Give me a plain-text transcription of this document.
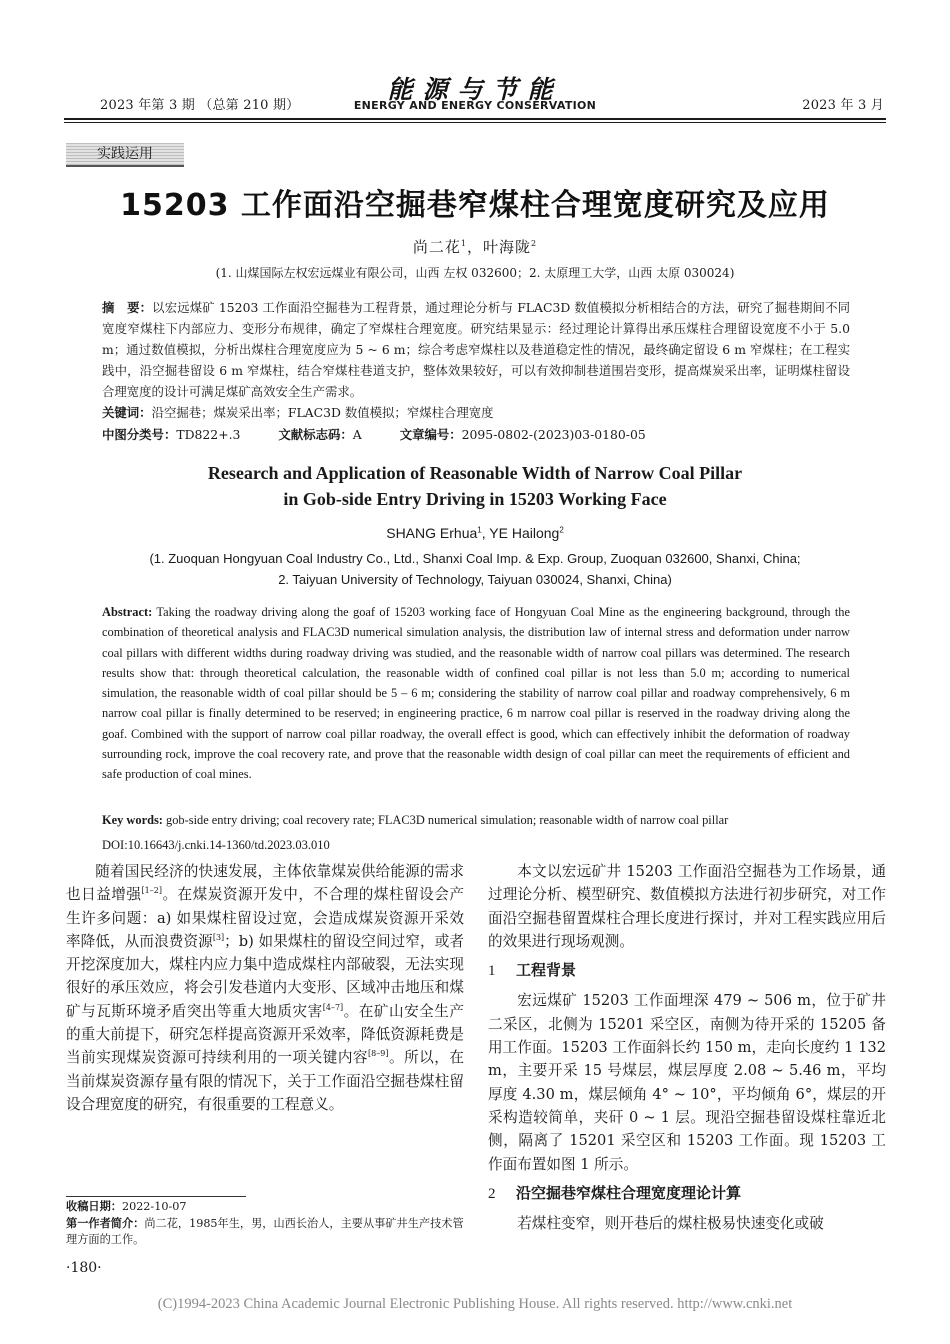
2023 年第 3 期 （总第 210 期）
能源与节能
ENERGY AND ENERGY CONSERVATION	2023 年 3 月
实践运用
15203 工作面沿空掘巷窄煤柱合理宽度研究及应用
尚二花$^1$，叶海陇$^2$
(1. 山煤国际左权宏远煤业有限公司，山西 左权 032600；2. 太原理工大学，山西 太原 030024)
摘　要：以宏远煤矿 15203 工作面沿空掘巷为工程背景，通过理论分析与 FLAC3D 数值模拟分析相结合的方法，研究了掘巷期间不同宽度窄煤柱下内部应力、变形分布规律，确定了窄煤柱合理宽度。研究结果显示：经过理论计算得出承压煤柱合理留设宽度不小于 5.0 m；通过数值模拟，分析出煤柱合理宽度应为 5 ~ 6 m；综合考虑窄煤柱以及巷道稳定性的情况，最终确定留设 6 m 窄煤柱；在工程实践中，沿空掘巷留设 6 m 窄煤柱，结合窄煤柱巷道支护，整体效果较好，可以有效抑制巷道围岩变形，提高煤炭采出率，证明煤柱留设合理宽度的设计可满足煤矿高效安全生产需求。
关键词：沿空掘巷；煤炭采出率；FLAC3D 数值模拟；窄煤柱合理宽度
中图分类号：TD822+.3	文献标志码：A	文章编号：2095-0802-(2023)03-0180-05
Research and Application of Reasonable Width of Narrow Coal Pillar
in Gob-side Entry Driving in 15203 Working Face
SHANG Erhua$^1$, YE Hailong$^2$
(1. Zuoquan Hongyuan Coal Industry Co., Ltd., Shanxi Coal Imp. & Exp. Group, Zuoquan 032600, Shanxi, China;
2. Taiyuan University of Technology, Taiyuan 030024, Shanxi, China)
Abstract: Taking the roadway driving along the goaf of 15203 working face of Hongyuan Coal Mine as the engineering background, through the combination of theoretical analysis and FLAC3D numerical simulation analysis, the distribution law of internal stress and deformation under narrow coal pillars with different widths during roadway driving was studied, and the reasonable width of narrow coal pillars was determined. The research results show that: through theoretical calculation, the reasonable width of confined coal pillar is not less than 5.0 m; according to numerical simulation, the reasonable width of coal pillar should be 5 – 6 m; considering the stability of narrow coal pillar and roadway comprehensively, 6 m narrow coal pillar is finally determined to be reserved; in engineering practice, 6 m narrow coal pillar is reserved in the roadway driving along the goaf. Combined with the support of narrow coal pillar roadway, the overall effect is good, which can effectively inhibit the deformation of roadway surrounding rock, improve the coal recovery rate, and prove that the reasonable width design of coal pillar can meet the requirements of efficient and safe production of coal mines.
Key words: gob-side entry driving; coal recovery rate; FLAC3D numerical simulation; reasonable width of narrow coal pillar
DOI:10.16643/j.cnki.14-1360/td.2023.03.010

随着国民经济的快速发展，主体依靠煤炭供给能源的需求也日益增强[1–2]。在煤炭资源开发中，不合理的煤柱留设会产生许多问题：a) 如果煤柱留设过宽，会造成煤炭资源开采效率降低，从而浪费资源[3]；b) 如果煤柱的留设空间过窄，或者开挖深度加大，煤柱内应力集中造成煤柱内部破裂，无法实现很好的承压效应，将会引发巷道内大变形、区域冲击地压和煤矿与瓦斯环境矛盾突出等重大地质灾害[4–7]。在矿山安全生产的重大前提下，研究怎样提高资源开采效率，降低资源耗费是当前实现煤炭资源可持续利用的一项关键内容[8–9]。所以，在当前煤炭资源存量有限的情况下，关于工作面沿空掘巷煤柱留设合理宽度的研究，有很重要的工程意义。

本文以宏远矿井 15203 工作面沿空掘巷为工作场景，通过理论分析、模型研究、数值模拟方法进行初步研究，对工作面沿空掘巷留置煤柱合理长度进行探讨，并对工程实践应用后的效果进行现场观测。

1 工程背景

宏远煤矿 15203 工作面埋深 479 ~ 506 m，位于矿井二采区，北侧为 15201 采空区，南侧为待开采的 15205 备用工作面。15203 工作面斜长约 150 m，走向长度约 1 132 m，主要开采 15 号煤层，煤层厚度 2.08 ~ 5.46 m，平均厚度 4.30 m，煤层倾角 4° ~ 10°，平均倾角 6°，煤层的开采构造较简单，夹矸 0 ~ 1 层。现沿空掘巷留设煤柱靠近北侧，隔离了 15201 采空区和 15203 工作面。现 15203 工作面布置如图 1 所示。

2 沿空掘巷窄煤柱合理宽度理论计算

若煤柱变窄，则开巷后的煤柱极易快速变化或破

收稿日期：2022-10-07
第一作者简介：尚二花，1985年生，男，山西长治人，主要从事矿井生产技术管理方面的工作。
·180·
(C)1994-2023 China Academic Journal Electronic Publishing House. All rights reserved. http://www.cnki.net
